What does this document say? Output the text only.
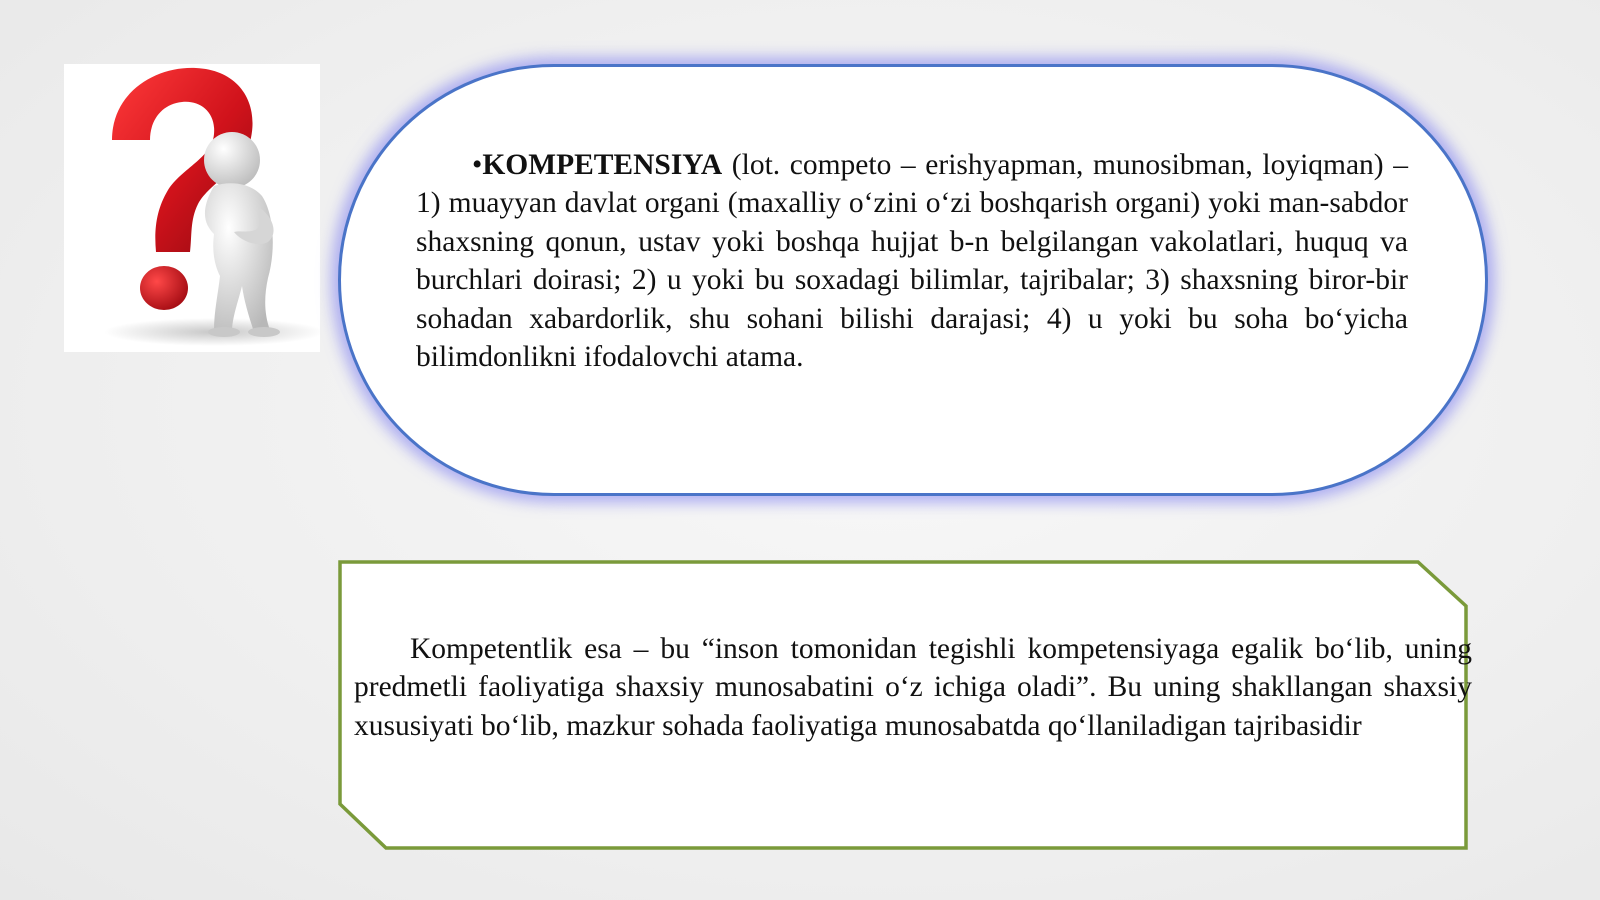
•KOMPETENSIYA (lot. competo – erishyapman, munosibman, loyiqman) – 1) muayyan davlat organi (maxalliy o‘zini o‘zi boshqarish organi) yoki man-sabdor shaxsning qonun, ustav yoki boshqa hujjat b-n belgilangan vakolatlari, huquq va burchlari doirasi; 2) u yoki bu soxadagi bilimlar, tajribalar; 3) shaxsning biror-bir sohadan xabardorlik, shu sohani bilishi darajasi; 4) u yoki bu soha bo‘yicha bilimdonlikni ifodalovchi atama.

Kompetentlik esa – bu “inson tomonidan tegishli kompetensiyaga egalik bo‘lib, uning predmetli faoliyatiga shaxsiy munosabatini o‘z ichiga oladi”. Bu uning shakllangan shaxsiy xususiyati bo‘lib, mazkur sohada faoliyatiga munosabatda qo‘llaniladigan tajribasidir
